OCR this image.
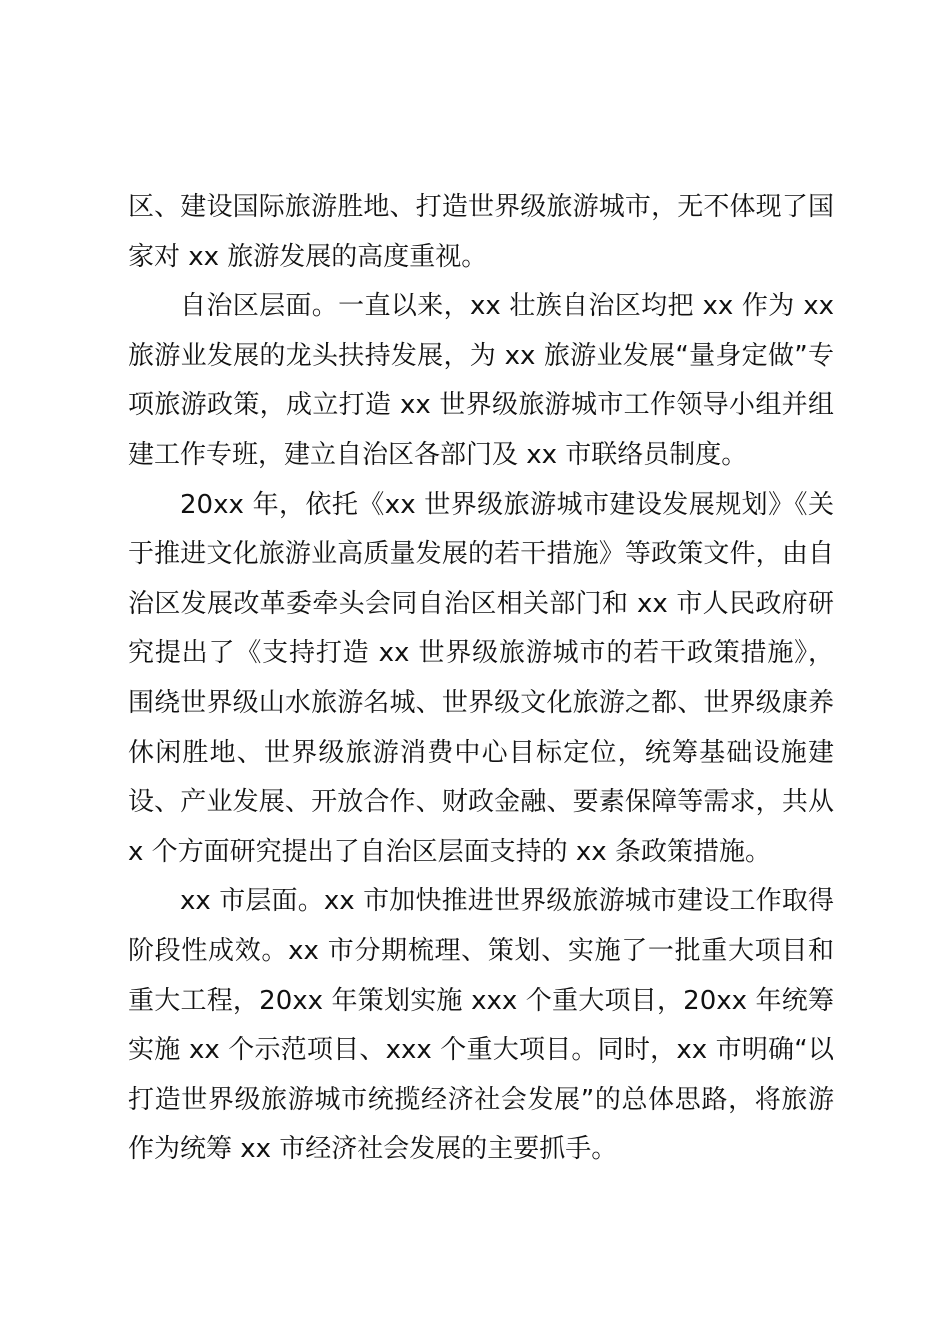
区、建设国际旅游胜地、打造世界级旅游城市，无不体现了国家对 xx 旅游发展的高度重视。

自治区层面。一直以来，xx 壮族自治区均把 xx 作为 xx 旅游业发展的龙头扶持发展，为 xx 旅游业发展“量身定做”专项旅游政策，成立打造 xx 世界级旅游城市工作领导小组并组建工作专班，建立自治区各部门及 xx 市联络员制度。

20xx 年，依托《xx 世界级旅游城市建设发展规划》《关于推进文化旅游业高质量发展的若干措施》等政策文件，由自治区发展改革委牵头会同自治区相关部门和 xx 市人民政府研究提出了《支持打造 xx 世界级旅游城市的若干政策措施》，围绕世界级山水旅游名城、世界级文化旅游之都、世界级康养休闲胜地、世界级旅游消费中心目标定位，统筹基础设施建设、产业发展、开放合作、财政金融、要素保障等需求，共从 x 个方面研究提出了自治区层面支持的 xx 条政策措施。

xx 市层面。xx 市加快推进世界级旅游城市建设工作取得阶段性成效。xx 市分期梳理、策划、实施了一批重大项目和重大工程，20xx 年策划实施 xxx 个重大项目，20xx 年统筹实施 xx 个示范项目、xxx 个重大项目。同时，xx 市明确“以打造世界级旅游城市统揽经济社会发展”的总体思路，将旅游作为统筹 xx 市经济社会发展的主要抓手。
